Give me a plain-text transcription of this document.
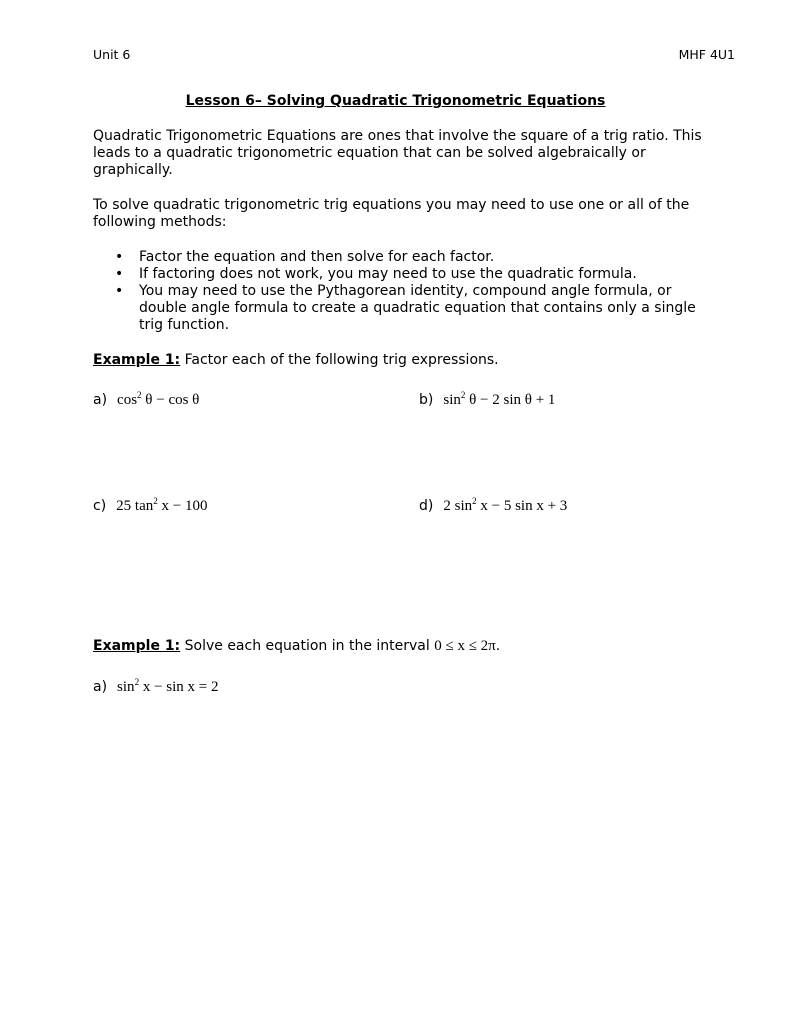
Unit 6	MHF 4U1
Lesson 6– Solving Quadratic Trigonometric Equations
Quadratic Trigonometric Equations are ones that involve the square of a trig ratio. This leads to a quadratic trigonometric equation that can be solved algebraically or graphically.
To solve quadratic trigonometric trig equations you may need to use one or all of the following methods:
• Factor the equation and then solve for each factor.
• If factoring does not work, you may need to use the quadratic formula.
• You may need to use the Pythagorean identity, compound angle formula, or double angle formula to create a quadratic equation that contains only a single trig function.
Example 1: Factor each of the following trig expressions.
a) $\cos^2 \theta - \cos \theta$	b) $\sin^2 \theta - 2$ sin θ + 1
c) 25 $\tan^2 x - 100$	d) 2 $\sin^2 x - 5$ sin x + 3
Example 1: Solve each equation in the interval 0 ≤ x ≤ 2π.
a) $\sin^2 x - \sin x = 2$
